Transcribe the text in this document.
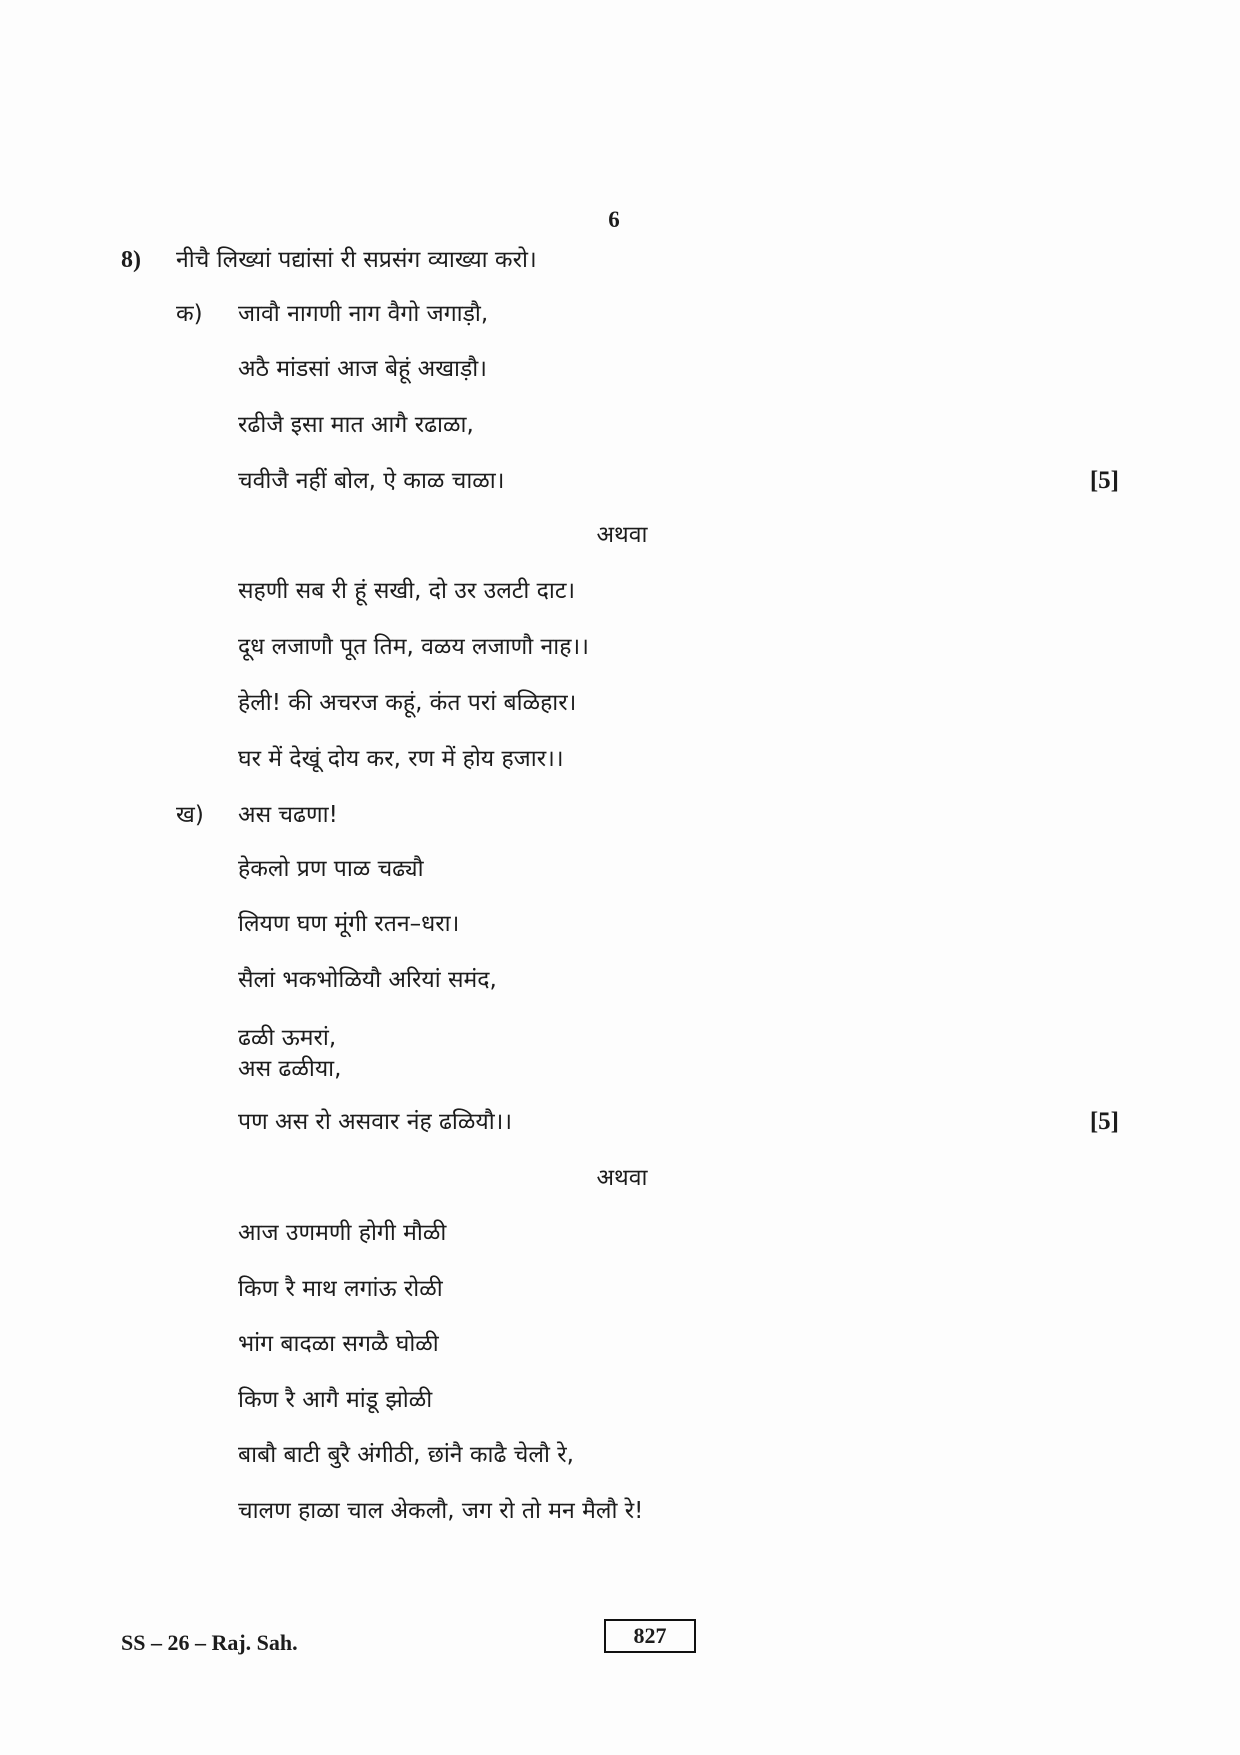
6
8) नीचै लिख्यां पद्यांसां री सप्रसंग व्याख्या करो।
क) जावौ नागणी नाग वैगो जगाड़ौ,
अठै मांडसां आज बेहूं अखाड़ौ।
रढीजै इसा मात आगै रढाळा,
चवीजै नहीं बोल, ऐ काळ चाळा।	[5]
अथवा
सहणी सब री हूं सखी, दो उर उलटी दाट।
दूध लजाणौ पूत तिम, वळय लजाणौ नाह।।
हेली! की अचरज कहूं, कंत परां बळिहार।
घर में देखूं दोय कर, रण में होय हजार।।
ख) अस चढणा!
हेकलो प्रण पाळ चढ्यौ
लियण घण मूंगी रतन–धरा।
सैलां भकभोळियौ अरियां समंद,
ढळी ऊमरां,
अस ढळीया,
पण अस रो असवार नंह ढळियौ।।	[5]
अथवा
आज उणमणी होगी मौळी
किण रै माथ लगांऊ रोळी
भांग बादळा सगळै घोळी
किण रै आगै मांडू झोळी
बाबौ बाटी बुरै अंगीठी, छांनै काढै चेलौ रे,
चालण हाळा चाल अेकलौ, जग रो तो मन मैलौ रे!
SS – 26 – Raj. Sah.	827
